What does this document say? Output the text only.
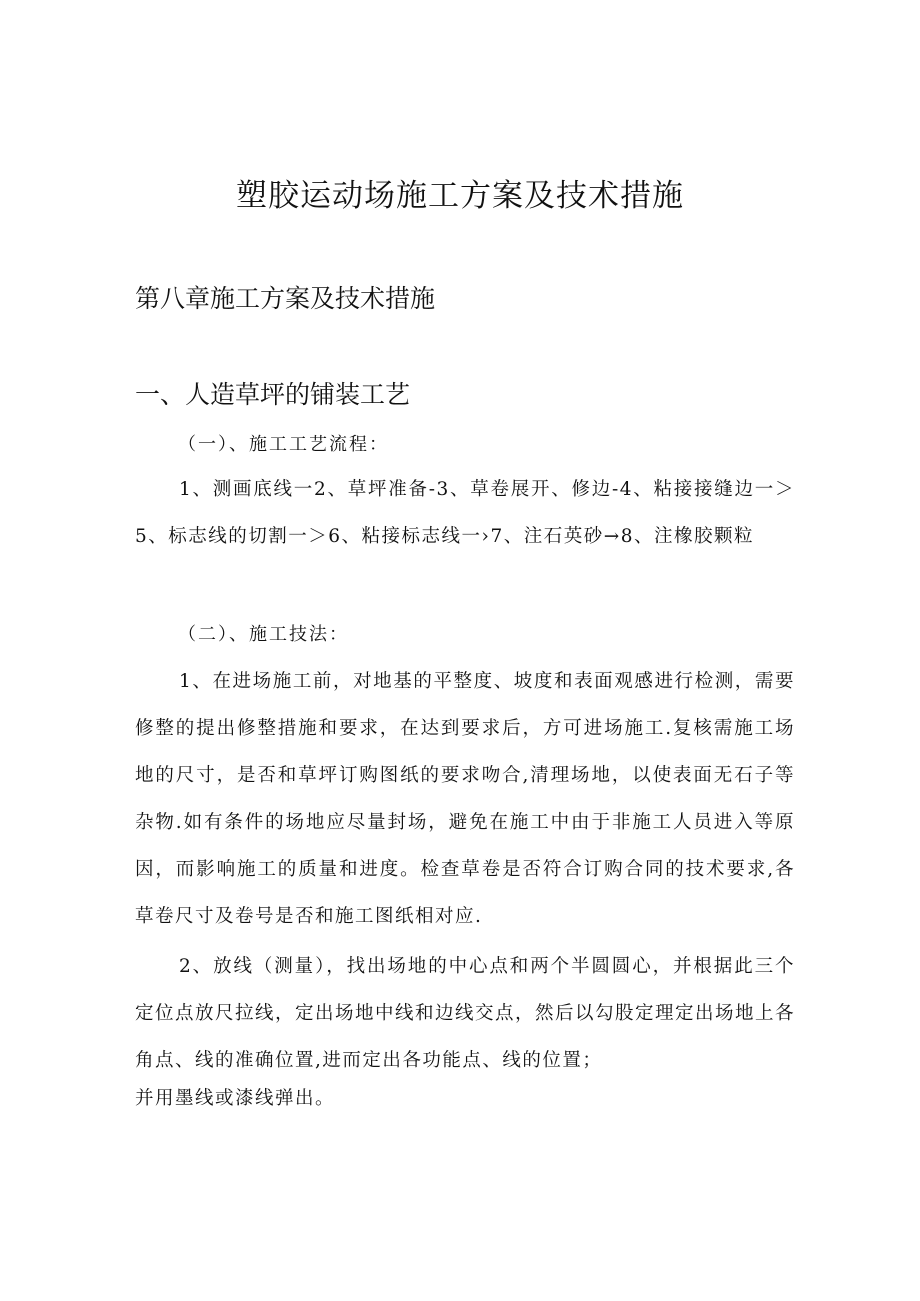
塑胶运动场施工方案及技术措施
第八章施工方案及技术措施
一、人造草坪的铺装工艺
（一）、施工工艺流程：
1、测画底线一2、草坪准备-3、草卷展开、修边-4、粘接接缝边一＞5、标志线的切割一＞6、粘接标志线一›7、注石英砂→8、注橡胶颗粒
（二）、施工技法：
1、在进场施工前，对地基的平整度、坡度和表面观感进行检测，需要修整的提出修整措施和要求，在达到要求后，方可进场施工.复核需施工场地的尺寸，是否和草坪订购图纸的要求吻合,清理场地，以使表面无石子等杂物.如有条件的场地应尽量封场，避免在施工中由于非施工人员进入等原因，而影响施工的质量和进度。检查草卷是否符合订购合同的技术要求,各草卷尺寸及卷号是否和施工图纸相对应.
2、放线（测量），找出场地的中心点和两个半圆圆心，并根据此三个定位点放尺拉线，定出场地中线和边线交点，然后以勾股定理定出场地上各角点、线的准确位置,进而定出各功能点、线的位置；
并用墨线或漆线弹出。
